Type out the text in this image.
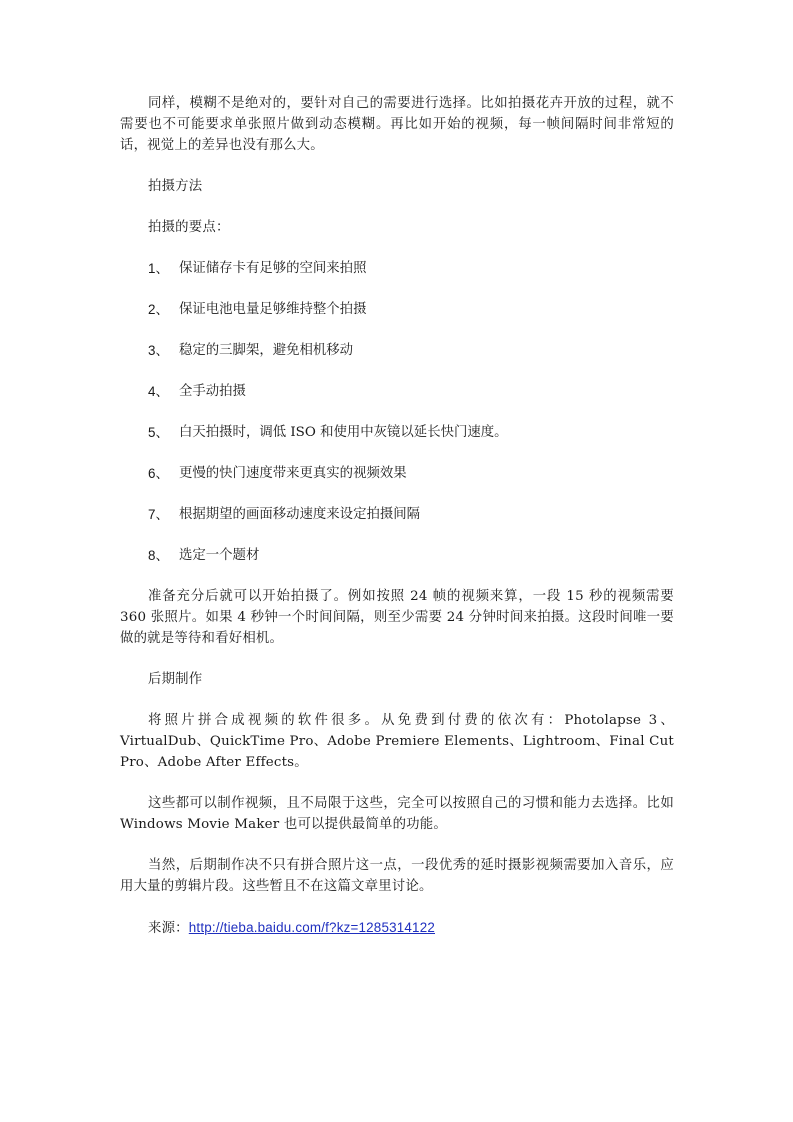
同样，模糊不是绝对的，要针对自己的需要进行选择。比如拍摄花卉开放的过程，就不需要也不可能要求单张照片做到动态模糊。再比如开始的视频，每一帧间隔时间非常短的话，视觉上的差异也没有那么大。

拍摄方法

拍摄的要点：

1、 保证储存卡有足够的空间来拍照
2、 保证电池电量足够维持整个拍摄
3、 稳定的三脚架，避免相机移动
4、 全手动拍摄
5、 白天拍摄时，调低 ISO 和使用中灰镜以延长快门速度。
6、 更慢的快门速度带来更真实的视频效果
7、 根据期望的画面移动速度来设定拍摄间隔
8、 选定一个题材

准备充分后就可以开始拍摄了。例如按照 24 帧的视频来算，一段 15 秒的视频需要 360 张照片。如果 4 秒钟一个时间间隔，则至少需要 24 分钟时间来拍摄。这段时间唯一要做的就是等待和看好相机。

后期制作

将照片拼合成视频的软件很多。从免费到付费的依次有：Photolapse 3、VirtualDub、QuickTime Pro、Adobe Premiere Elements、Lightroom、Final Cut Pro、Adobe After Effects。

这些都可以制作视频，且不局限于这些，完全可以按照自己的习惯和能力去选择。比如 Windows Movie Maker 也可以提供最简单的功能。

当然，后期制作决不只有拼合照片这一点，一段优秀的延时摄影视频需要加入音乐，应用大量的剪辑片段。这些暂且不在这篇文章里讨论。

来源：http://tieba.baidu.com/f?kz=1285314122
